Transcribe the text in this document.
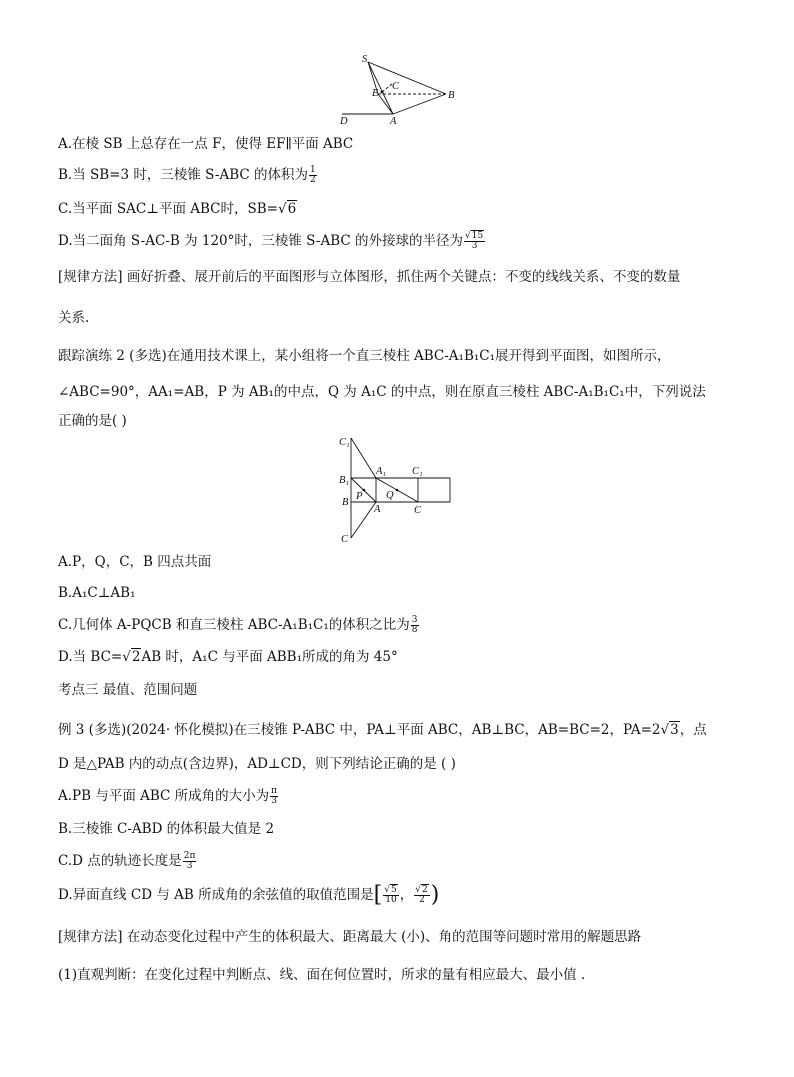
S
E
C
B
D	A
A.在棱 SB 上总存在一点 F，使得 EF∥平面 ABC
B.当 SB=3 时，三棱锥 S-ABC 的体积为 $\frac{1}{2}$
C.当平面 SAC⊥平面 ABC时，SB=√6
D.当二面角 S-AC-B 为 120°时，三棱锥 S-ABC 的外接球的半径为 $\frac{√15}{3}$
[规律方法] 画好折叠、展开前后的平面图形与立体图形，抓住两个关键点：不变的线线关系、不变的数量
关系.
跟踪演练 2 (多选)在通用技术课上，某小组将一个直三棱柱 ABC-A₁B₁C₁展开得到平面图，如图所示，
∠ABC=90°，AA₁=AB，P 为 AB₁的中点，Q 为 A₁C 的中点，则在原直三棱柱 ABC-A₁B₁C₁中，下列说法
正确的是( )
C₁
B₁
A₁ C₁
B
P Q
A	C
C
A.P，Q，C，B 四点共面
B.A₁C⊥AB₁
C.几何体 A-PQCB 和直三棱柱 ABC-A₁B₁C₁的体积之比为 $\frac{3}{8}$
D.当 BC=√2AB 时，A₁C 与平面 ABB₁所成的角为 45°
考点三 最值、范围问题
例 3 (多选)(2024· 怀化模拟)在三棱锥 P-ABC 中，PA⊥平面 ABC，AB⊥BC，AB=BC=2，PA=2√3，点
D 是△PAB 内的动点(含边界)，AD⊥CD，则下列结论正确的是 ( )
A.PB 与平面 ABC 所成角的大小为 $\frac{\pi}{3}$
B.三棱锥 C-ABD 的体积最大值是 2
C.D 点的轨迹长度是 $\frac{2\pi}{3}$
D.异面直线 CD 与 AB 所成角的余弦值的取值范围是[ $\frac{√5}{10}$ ， $\frac{√2}{2}$ )
[规律方法] 在动态变化过程中产生的体积最大、距离最大 (小)、角的范围等问题时常用的解题思路
(1)直观判断：在变化过程中判断点、线、面在何位置时，所求的量有相应最大、最小值 .
